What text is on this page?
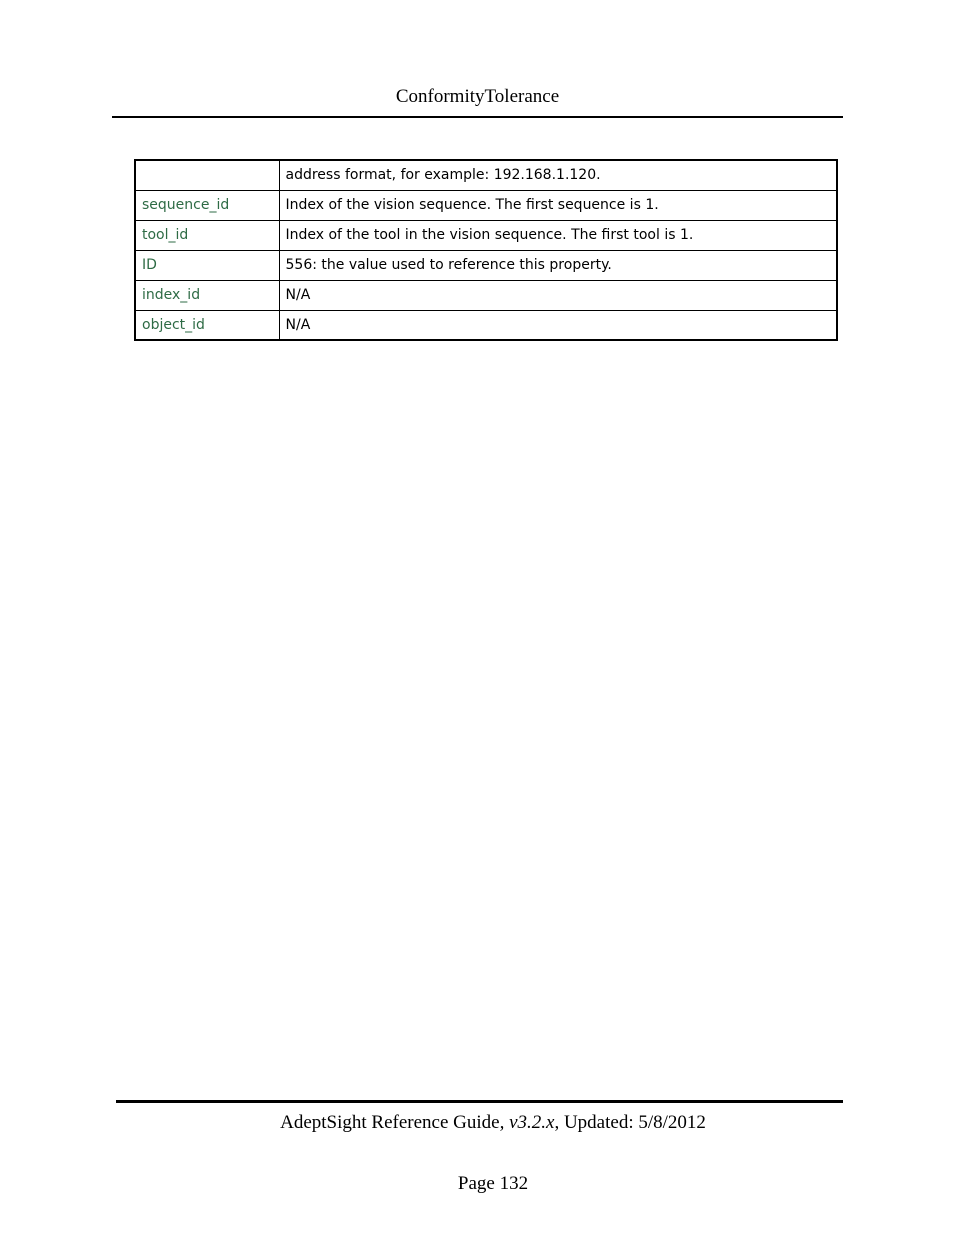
ConformityTolerance
	address format, for example: 192.168.1.120.
sequence_id	Index of the vision sequence. The first sequence is 1.
tool_id	Index of the tool in the vision sequence. The first tool is 1.
ID	556: the value used to reference this property.
index_id	N/A
object_id	N/A
AdeptSight Reference Guide, v3.2.x, Updated: 5/8/2012
Page 132
